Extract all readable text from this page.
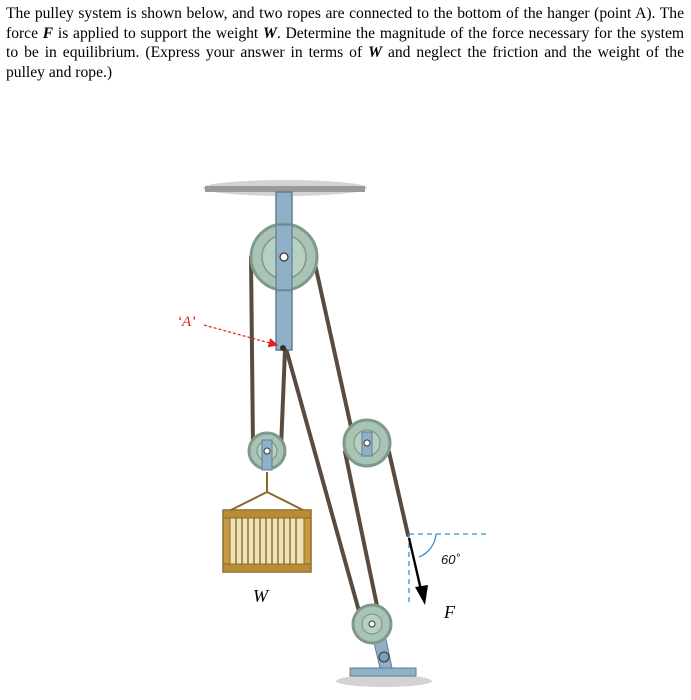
The pulley system is shown below, and two ropes are connected to the bottom of the hanger (point A). The force F is applied to support the weight W. Determine the magnitude of the force necessary for the system to be in equilibrium. (Express your answer in terms of W and neglect the friction and the weight of the pulley and rope.)

‘A’
60˚
F
W
